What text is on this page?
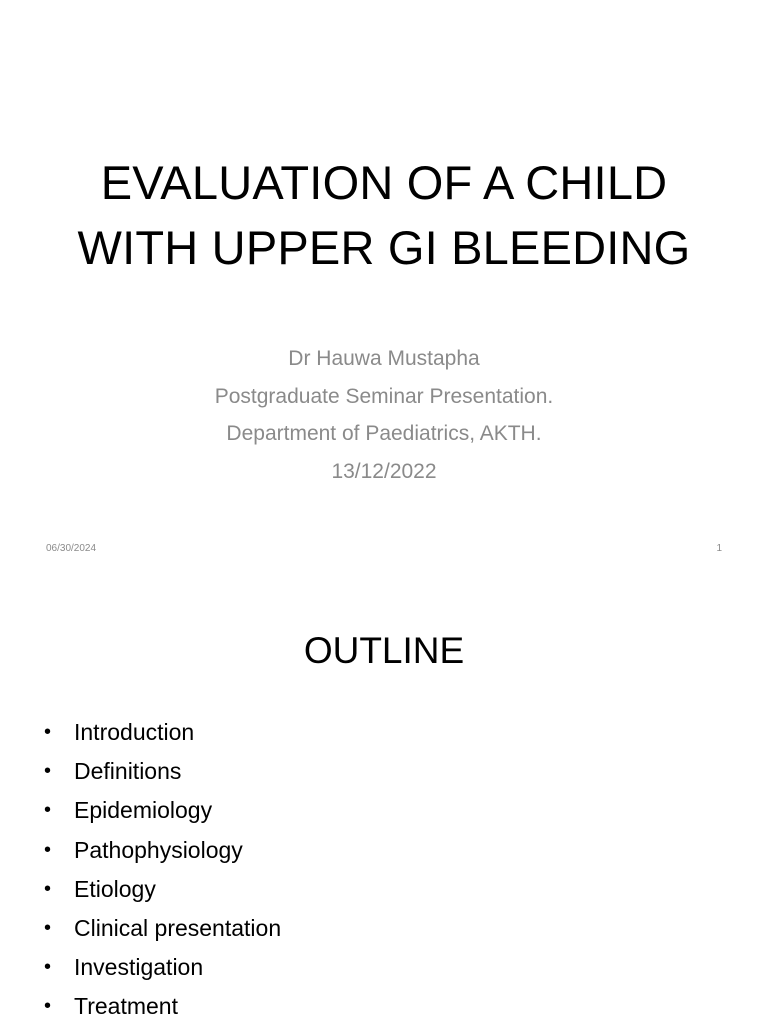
EVALUATION OF A CHILD
WITH UPPER GI BLEEDING
Dr Hauwa Mustapha
Postgraduate Seminar Presentation.
Department of Paediatrics, AKTH.
13/12/2022
06/30/2024	1
OUTLINE
• Introduction
• Definitions
• Epidemiology
• Pathophysiology
• Etiology
• Clinical presentation
• Investigation
• Treatment
